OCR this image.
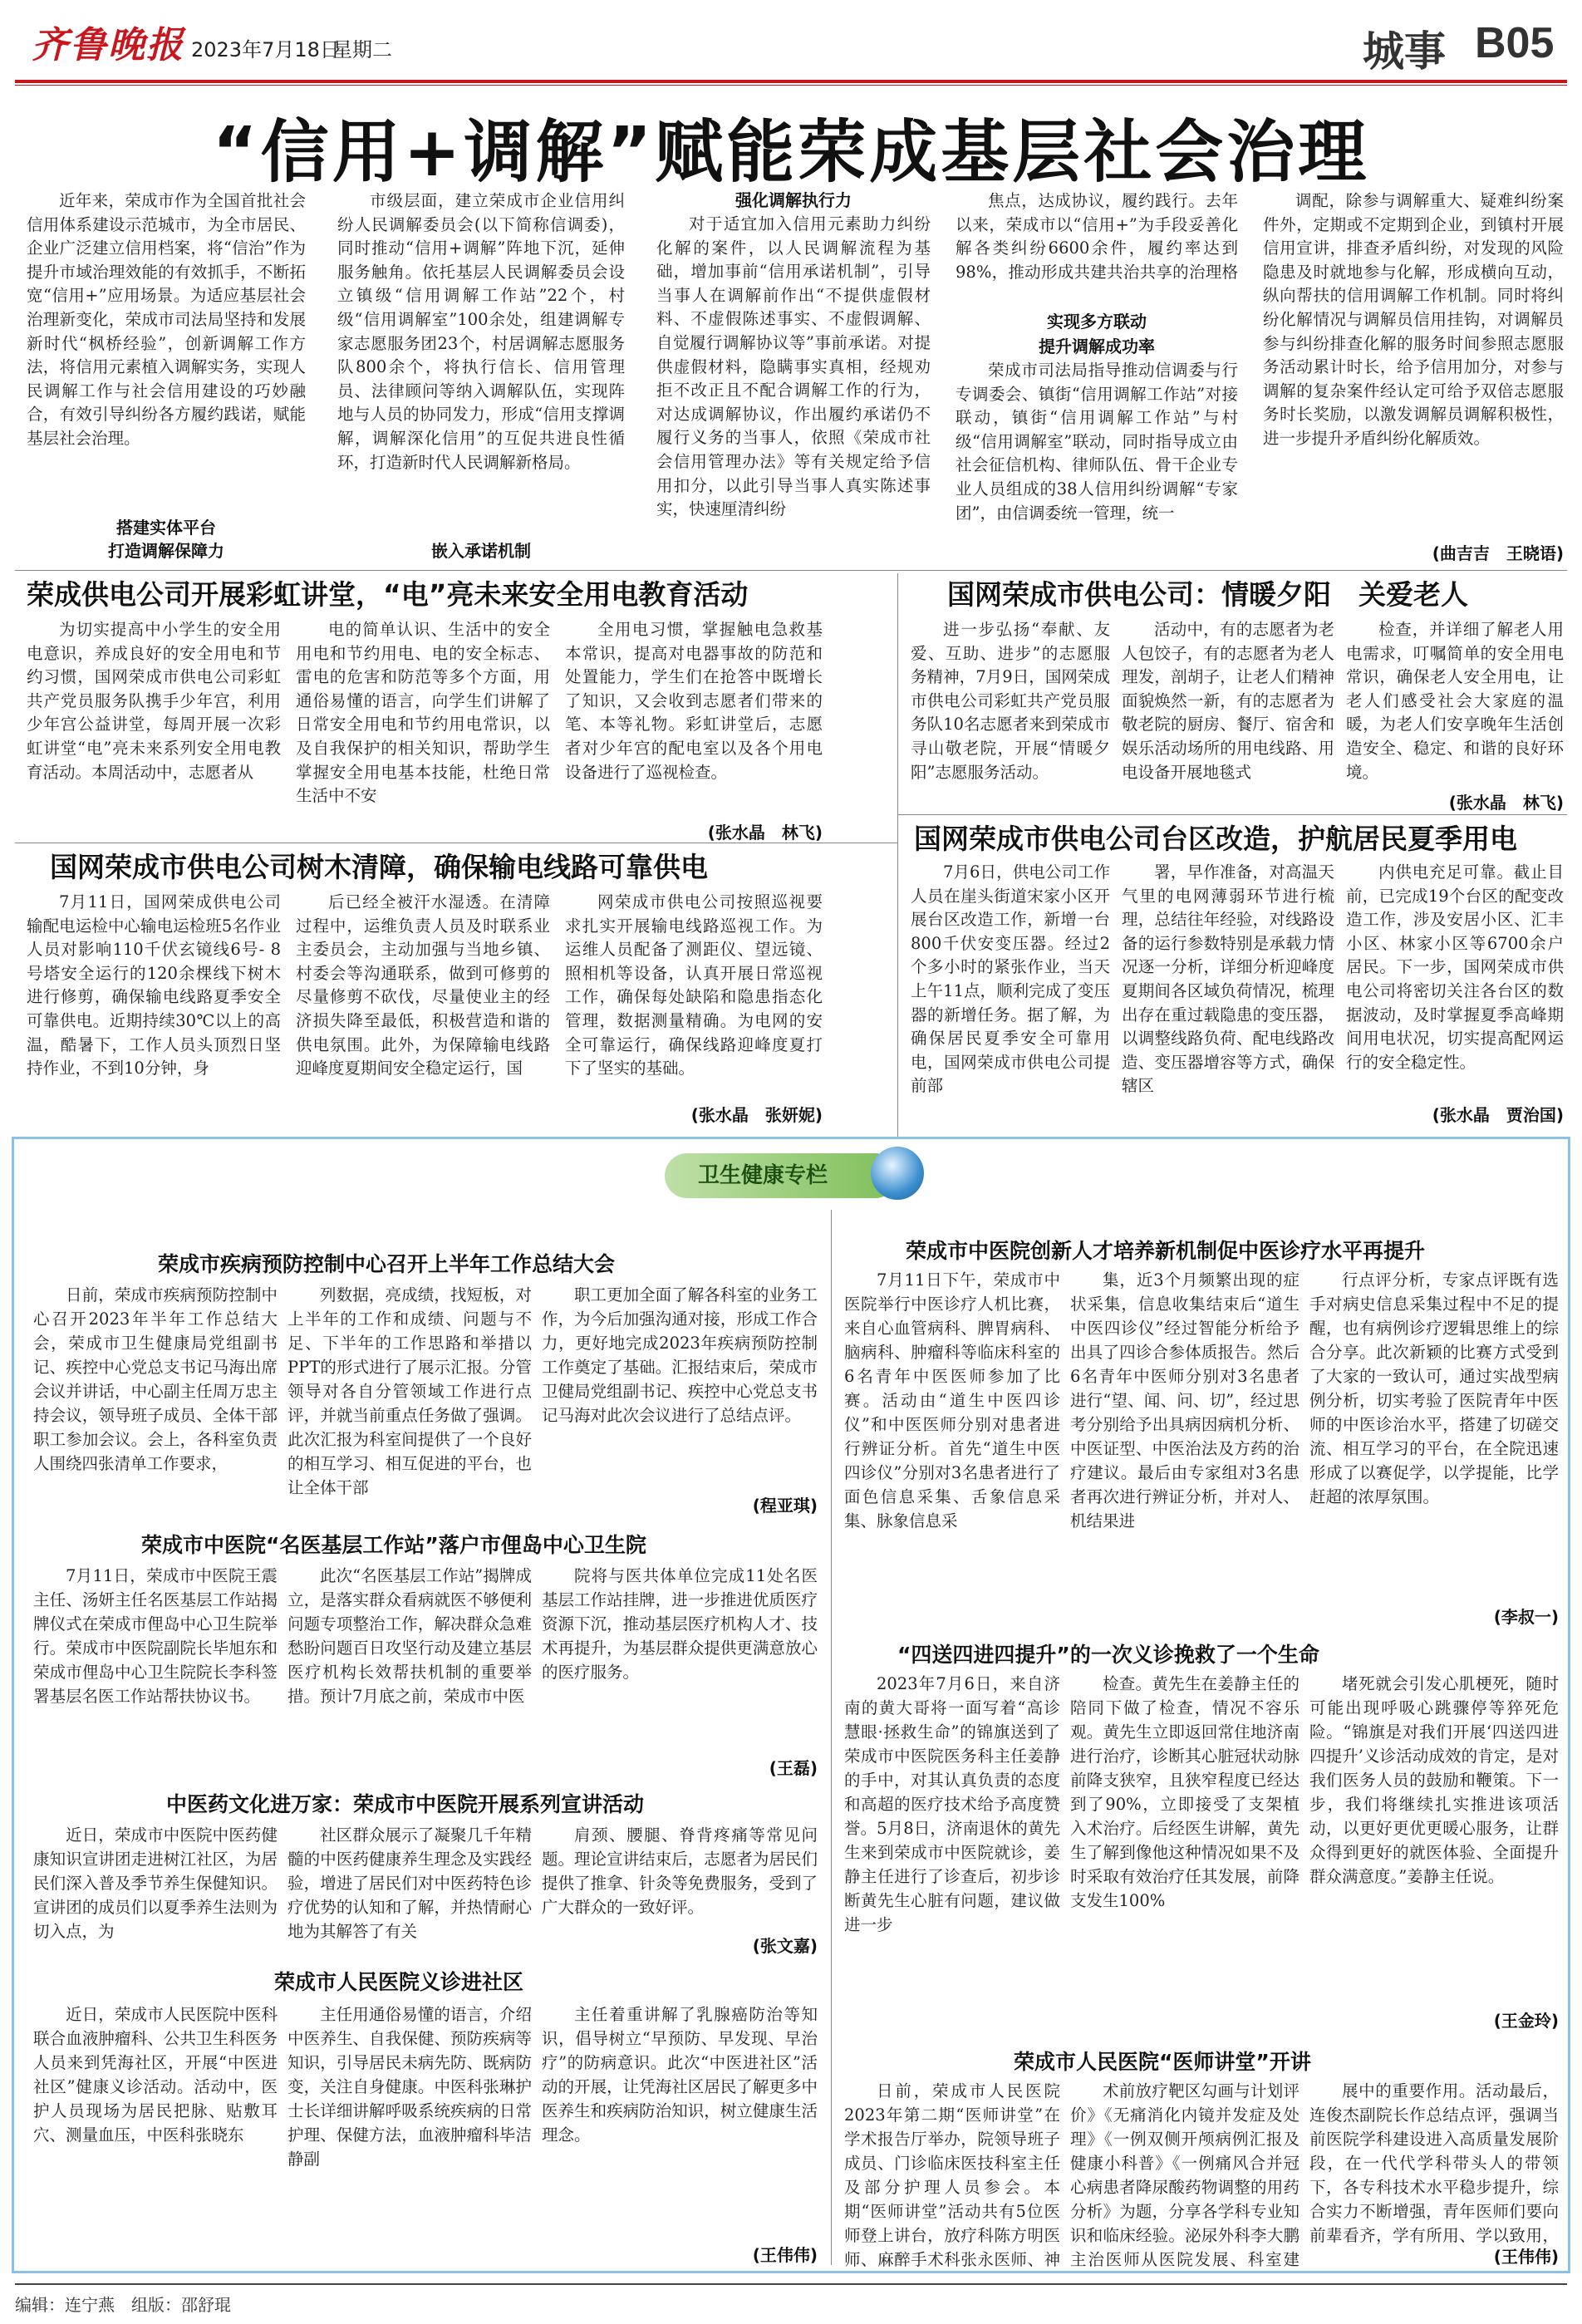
齐鲁晚报 2023年7月18日
星期二	城事 B05
“信用+调解”赋能荣成基层社会治理

近年来，荣成市作为全国首批社会信用体系建设示范城市，为全市居民、企业广泛建立信用档案，将“信治”作为提升市域治理效能的有效抓手，不断拓宽“信用+”应用场景。为适应基层社会治理新变化，荣成市司法局坚持和发展新时代“枫桥经验”，创新调解工作方法，将信用元素植入调解实务，实现人民调解工作与社会信用建设的巧妙融合，有效引导纠纷各方履约践诺，赋能基层社会治理。

搭建实体平台
打造调解保障力

市级层面，建立荣成市企业信用纠纷人民调解委员会(以下简称信调委)，同时推动“信用+调解”阵地下沉，延伸服务触角。依托基层人民调解委员会设立镇级“信用调解工作站”22个，村级“信用调解室”100余处，组建调解专家志愿服务团23个，村居调解志愿服务队800余个，将执行信长、信用管理员、法律顾问等纳入调解队伍，实现阵地与人员的协同发力，形成“信用支撑调解，调解深化信用”的互促共进良性循环，打造新时代人民调解新格局。

嵌入承诺机制
强化调解执行力

对于适宜加入信用元素助力纠纷化解的案件，以人民调解流程为基础，增加事前“信用承诺机制”，引导当事人在调解前作出“不提供虚假材料、不虚假陈述事实、不虚假调解、自觉履行调解协议等”事前承诺。对提供虚假材料，隐瞒事实真相，经规劝拒不改正且不配合调解工作的行为，对达成调解协议，作出履约承诺仍不履行义务的当事人，依照《荣成市社会信用管理办法》等有关规定给予信用扣分，以此引导当事人真实陈述事实，快速厘清纠纷

焦点，达成协议，履约践行。去年以来，荣成市以“信用+”为手段妥善化解各类纠纷6600余件，履约率达到98%，推动形成共建共治共享的治理格

实现多方联动
提升调解成功率

荣成市司法局指导推动信调委与行专调委会、镇街“信用调解工作站”对接联动，镇街“信用调解工作站”与村级“信用调解室”联动，同时指导成立由社会征信机构、律师队伍、骨干企业专业人员组成的38人信用纠纷调解“专家团”，由信调委统一管理，统一

调配，除参与调解重大、疑难纠纷案件外，定期或不定期到企业，到镇村开展信用宣讲，排查矛盾纠纷，对发现的风险隐患及时就地参与化解，形成横向互动，纵向帮扶的信用调解工作机制。同时将纠纷化解情况与调解员信用挂钩，对调解员参与纠纷排查化解的服务时间参照志愿服务活动累计时长，给予信用加分，对参与调解的复杂案件经认定可给予双倍志愿服务时长奖励，以激发调解员调解积极性，进一步提升矛盾纠纷化解质效。

(曲吉吉　王晓语)
荣成供电公司开展彩虹讲堂，“电”亮未来安全用电教育活动

为切实提高中小学生的安全用电意识，养成良好的安全用电和节约习惯，国网荣成市供电公司彩虹共产党员服务队携手少年宫，利用少年宫公益讲堂，每周开展一次彩虹讲堂“电”亮未来系列安全用电教育活动。本周活动中，志愿者从

电的简单认识、生活中的安全用电和节约用电、电的安全标志、雷电的危害和防范等多个方面，用通俗易懂的语言，向学生们讲解了日常安全用电和节约用电常识，以及自我保护的相关知识，帮助学生掌握安全用电基本技能，杜绝日常生活中不安

全用电习惯，掌握触电急救基本常识，提高对电器事故的防范和处置能力，学生们在抢答中既增长了知识，又会收到志愿者们带来的笔、本等礼物。彩虹讲堂后，志愿者对少年宫的配电室以及各个用电设备进行了巡视检查。

(张水晶　林飞)
国网荣成市供电公司：情暖夕阳　关爱老人

进一步弘扬“奉献、友爱、互助、进步”的志愿服务精神，7月9日，国网荣成市供电公司彩虹共产党员服务队10名志愿者来到荣成市寻山敬老院，开展“情暖夕阳”志愿服务活动。

活动中，有的志愿者为老人包饺子，有的志愿者为老人理发，剖胡子，让老人们精神面貌焕然一新，有的志愿者为敬老院的厨房、餐厅、宿舍和娱乐活动场所的用电线路、用电设备开展地毯式

检查，并详细了解老人用电需求，叮嘱简单的安全用电常识，确保老人安全用电，让老人们感受社会大家庭的温暖，为老人们安享晚年生活创造安全、稳定、和谐的良好环境。

(张水晶　林飞)
国网荣成市供电公司树木清障，确保输电线路可靠供电

7月11日，国网荣成供电公司输配电运检中心输电运检班5名作业人员对影响110千伏玄镜线6号- 8号塔安全运行的120余棵线下树木进行修剪，确保输电线路夏季安全可靠供电。近期持续30℃以上的高温，酷暑下，工作人员头顶烈日坚持作业，不到10分钟，身

后已经全被汗水湿透。在清障过程中，运维负责人员及时联系业主委员会，主动加强与当地乡镇、村委会等沟通联系，做到可修剪的尽量修剪不砍伐，尽量使业主的经济损失降至最低，积极营造和谐的供电氛围。此外，为保障输电线路迎峰度夏期间安全稳定运行，国

网荣成市供电公司按照巡视要求扎实开展输电线路巡视工作。为运维人员配备了测距仪、望远镜、照相机等设备，认真开展日常巡视工作，确保每处缺陷和隐患指态化管理，数据测量精确。为电网的安全可靠运行，确保线路迎峰度夏打下了坚实的基础。

(张水晶　张妍妮)
国网荣成市供电公司台区改造，护航居民夏季用电

7月6日，供电公司工作人员在崖头街道宋家小区开展台区改造工作，新增一台800千伏安变压器。经过2个多小时的紧张作业，当天上午11点，顺利完成了变压器的新增任务。据了解，为确保居民夏季安全可靠用电，国网荣成市供电公司提前部

署，早作准备，对高温天气里的电网薄弱环节进行梳理，总结往年经验，对线路设备的运行参数特别是承载力情况逐一分析，详细分析迎峰度夏期间各区域负荷情况，梳理出存在重过载隐患的变压器，以调整线路负荷、配电线路改造、变压器增容等方式，确保辖区

内供电充足可靠。截止目前，已完成19个台区的配变改造工作，涉及安居小区、汇丰小区、林家小区等6700余户居民。下一步，国网荣成市供电公司将密切关注各台区的数据波动，及时掌握夏季高峰期间用电状况，切实提高配网运行的安全稳定性。

(张水晶　贾治国)
卫生健康专栏
荣成市疾病预防控制中心召开上半年工作总结大会

日前，荣成市疾病预防控制中心召开2023年半年工作总结大会，荣成市卫生健康局党组副书记、疾控中心党总支书记马海出席会议并讲话，中心副主任周万忠主持会议，领导班子成员、全体干部职工参加会议。会上，各科室负责人围绕四张清单工作要求，

列数据，亮成绩，找短板，对上半年的工作和成绩、问题与不足、下半年的工作思路和举措以PPT的形式进行了展示汇报。分管领导对各自分管领域工作进行点评，并就当前重点任务做了强调。此次汇报为科室间提供了一个良好的相互学习、相互促进的平台，也让全体干部

职工更加全面了解各科室的业务工作，为今后加强沟通对接，形成工作合力，更好地完成2023年疾病预防控制工作奠定了基础。汇报结束后，荣成市卫健局党组副书记、疾控中心党总支书记马海对此次会议进行了总结点评。

(程亚琪)
荣成市中医院“名医基层工作站”落户市俚岛中心卫生院

7月11日，荣成市中医院王震主任、汤妍主任名医基层工作站揭牌仪式在荣成市俚岛中心卫生院举行。荣成市中医院副院长毕旭东和荣成市俚岛中心卫生院院长李科签署基层名医工作站帮扶协议书。

此次“名医基层工作站”揭牌成立，是落实群众看病就医不够便利问题专项整治工作，解决群众急难愁盼问题百日攻坚行动及建立基层医疗机构长效帮扶机制的重要举措。预计7月底之前，荣成市中医

院将与医共体单位完成11处名医基层工作站挂牌，进一步推进优质医疗资源下沉，推动基层医疗机构人才、技术再提升，为基层群众提供更满意放心的医疗服务。

(王磊)
中医药文化进万家：荣成市中医院开展系列宣讲活动

近日，荣成市中医院中医药健康知识宣讲团走进树江社区，为居民们深入普及季节养生保健知识。宣讲团的成员们以夏季养生法则为切入点，为

社区群众展示了凝聚几千年精髓的中医药健康养生理念及实践经验，增进了居民们对中医药特色诊疗优势的认知和了解，并热情耐心地为其解答了有关

肩颈、腰腿、脊背疼痛等常见问题。理论宣讲结束后，志愿者为居民们提供了推拿、针灸等免费服务，受到了广大群众的一致好评。

(张文嘉)
荣成市人民医院义诊进社区

近日，荣成市人民医院中医科联合血液肿瘤科、公共卫生科医务人员来到凭海社区，开展“中医进社区”健康义诊活动。活动中，医护人员现场为居民把脉、贴敷耳穴、测量血压，中医科张晓东

主任用通俗易懂的语言，介绍中医养生、自我保健、预防疾病等知识，引导居民未病先防、既病防变，关注自身健康。中医科张琳护士长详细讲解呼吸系统疾病的日常护理、保健方法，血液肿瘤科毕洁静副

主任着重讲解了乳腺癌防治等知识，倡导树立“早预防、早发现、早治疗”的防病意识。此次“中医进社区”活动的开展，让凭海社区居民了解更多中医养生和疾病防治知识，树立健康生活理念。

(王伟伟)
荣成市中医院创新人才培养新机制促中医诊疗水平再提升

7月11日下午，荣成市中医院举行中医诊疗人机比赛，来自心血管病科、脾胃病科、脑病科、肿瘤科等临床科室的6名青年中医医师参加了比赛。活动由“道生中医四诊仪”和中医医师分别对患者进行辨证分析。首先“道生中医四诊仪”分别对3名患者进行了面色信息采集、舌象信息采集、脉象信息采

集，近3个月频繁出现的症状采集，信息收集结束后“道生中医四诊仪”经过智能分析给予出具了四诊合参体质报告。然后6名青年中医师分别对3名患者进行“望、闻、问、切”，经过思考分别给予出具病因病机分析、中医证型、中医治法及方药的治疗建议。最后由专家组对3名患者再次进行辨证分析，并对人、机结果进

行点评分析，专家点评既有选手对病史信息采集过程中不足的提醒，也有病例诊疗逻辑思维上的综合分享。此次新颖的比赛方式受到了大家的一致认可，通过实战型病例分析，切实考验了医院青年中医师的中医诊治水平，搭建了切磋交流、相互学习的平台，在全院迅速形成了以赛促学，以学提能，比学赶超的浓厚氛围。

(李叔一)
“四送四进四提升”的一次义诊挽救了一个生命

2023年7月6日，来自济南的黄大哥将一面写着“高诊慧眼·拯救生命”的锦旗送到了荣成市中医院医务科主任姜静的手中，对其认真负责的态度和高超的医疗技术给予高度赞誉。5月8日，济南退休的黄先生来到荣成市中医院就诊，姜静主任进行了诊查后，初步诊断黄先生心脏有问题，建议做进一步

检查。黄先生在姜静主任的陪同下做了检查，情况不容乐观。黄先生立即返回常住地济南进行治疗，诊断其心脏冠状动脉前降支狭窄，且狭窄程度已经达到了90%，立即接受了支架植入术治疗。后经医生讲解，黄先生了解到像他这种情况如果不及时采取有效治疗任其发展，前降支发生100%

堵死就会引发心肌梗死，随时可能出现呼吸心跳骤停等猝死危险。“锦旗是对我们开展‘四送四进四提升’义诊活动成效的肯定，是对我们医务人员的鼓励和鞭策。下一步，我们将继续扎实推进该项活动，以更好更优更暖心服务，让群众得到更好的就医体验、全面提升群众满意度。”姜静主任说。

(王金玲)
荣成市人民医院“医师讲堂”开讲

日前，荣成市人民医院2023年第二期“医师讲堂”在学术报告厅举办，院领导班子成员、门诊临床医技科室主任及部分护理人员参会。本期“医师讲堂”活动共有5位医师登上讲台，放疗科陈方明医师、麻醉手术科张永医师、神

术前放疗靶区勾画与计划评价》《无痛消化内镜并发症及处理》《一例双侧开颅病例汇报及健康小科普》《一例痛风合并冠心病患者降尿酸药物调整的用药分析》为题，分享各学科专业知识和临床经验。泌尿外科李大鹏主治医师从医院发展、科室建

展中的重要作用。活动最后，连俊杰副院长作总结点评，强调当前医院学科建设进入高质量发展阶段，在一代代学科带头人的带领下，各专科技术水平稳步提升，综合实力不断增强，青年医师们要向前辈看齐，学有所用、学以致用，

(王伟伟)
编辑：连宁燕　组版：邵舒琨
